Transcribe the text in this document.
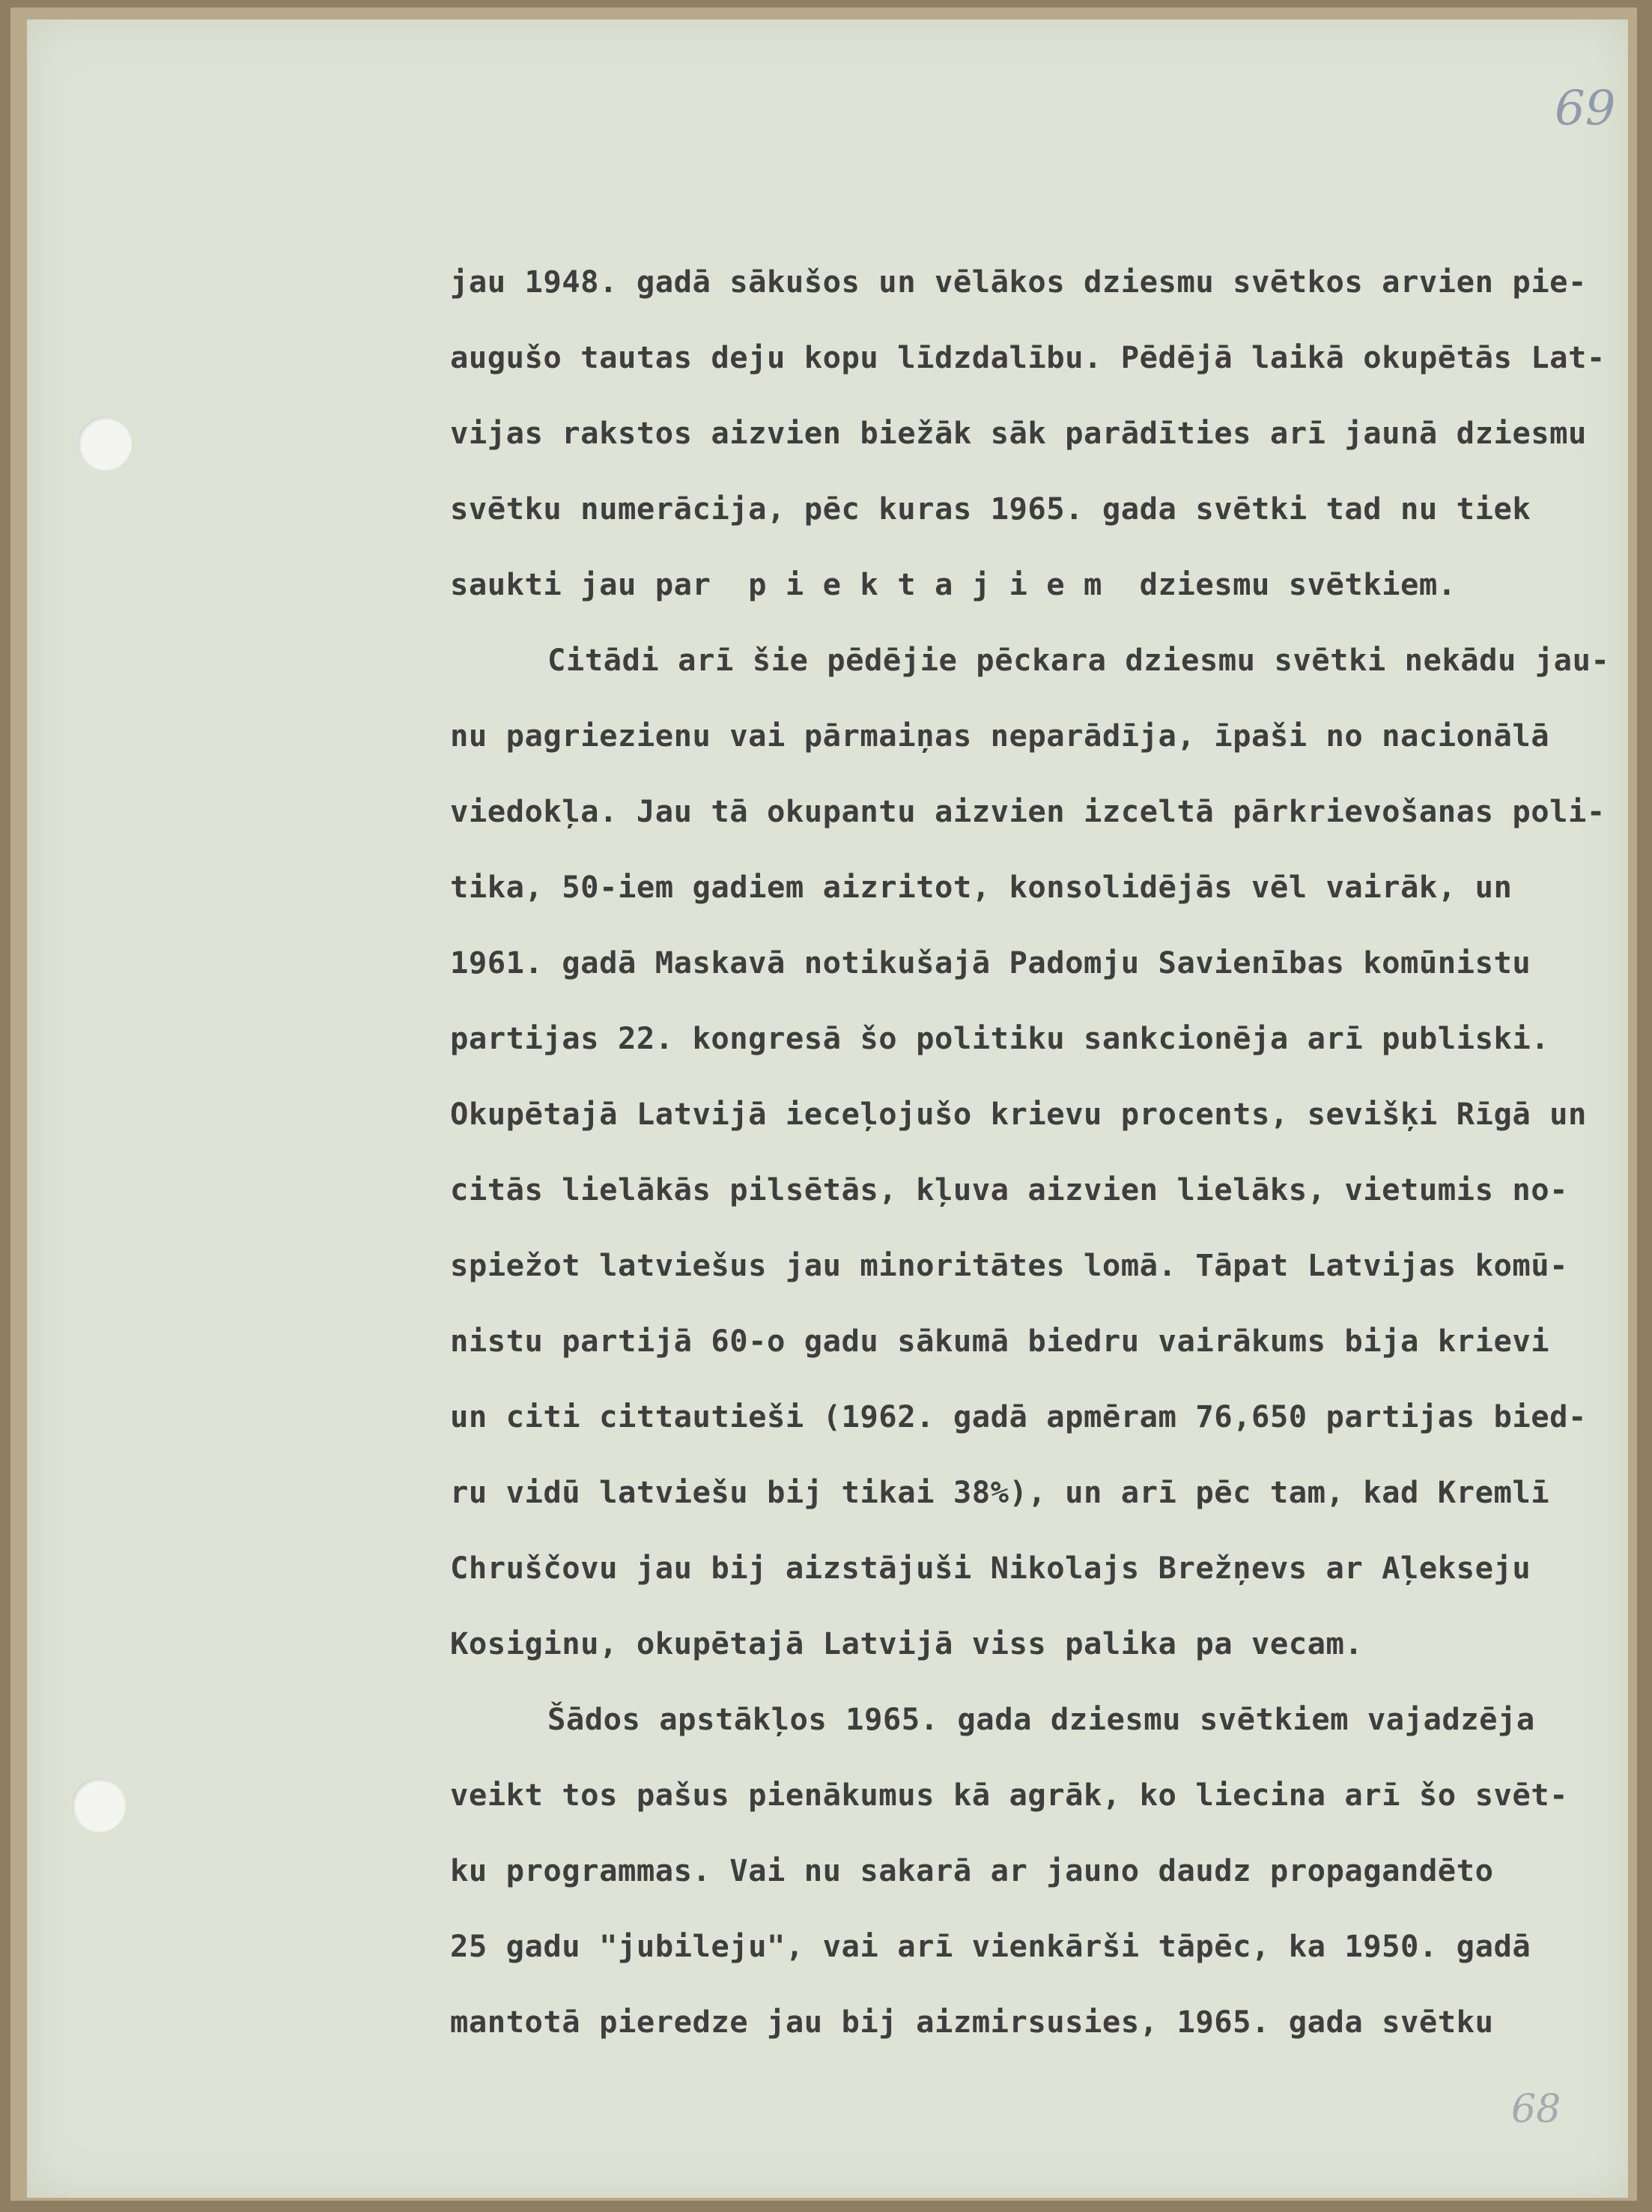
69
68
jau 1948. gadā sākušos un vēlākos dziesmu svētkos arvien pie-
augušo tautas deju kopu līdzdalību. Pēdējā laikā okupētās Lat-
vijas rakstos aizvien biežāk sāk parādīties arī jaunā dziesmu
svētku numerācija, pēc kuras 1965. gada svētki tad nu tiek
saukti jau par  p i e k t a j i e m  dziesmu svētkiem.
Citādi arī šie pēdējie pēckara dziesmu svētki nekādu jau-
nu pagriezienu vai pārmaiņas neparādīja, īpaši no nacionālā
viedokļa. Jau tā okupantu aizvien izceltā pārkrievošanas poli-
tika, 50-iem gadiem aizritot, konsolidējās vēl vairāk, un
1961. gadā Maskavā notikušajā Padomju Savienības komūnistu
partijas 22. kongresā šo politiku sankcionēja arī publiski.
Okupētajā Latvijā ieceļojušo krievu procents, sevišķi Rīgā un
citās lielākās pilsētās, kļuva aizvien lielāks, vietumis no-
spiežot latviešus jau minoritātes lomā. Tāpat Latvijas komū-
nistu partijā 60-o gadu sākumā biedru vairākums bija krievi
un citi cittautieši (1962. gadā apmēram 76,650 partijas bied-
ru vidū latviešu bij tikai 38%), un arī pēc tam, kad Kremlī
Chruščovu jau bij aizstājuši Nikolajs Brežņevs ar Aļekseju
Kosiginu, okupētajā Latvijā viss palika pa vecam.
Šādos apstākļos 1965. gada dziesmu svētkiem vajadzēja
veikt tos pašus pienākumus kā agrāk, ko liecina arī šo svēt-
ku programmas. Vai nu sakarā ar jauno daudz propagandēto
25 gadu "jubileju", vai arī vienkārši tāpēc, ka 1950. gadā
mantotā pieredze jau bij aizmirsusies, 1965. gada svētku
